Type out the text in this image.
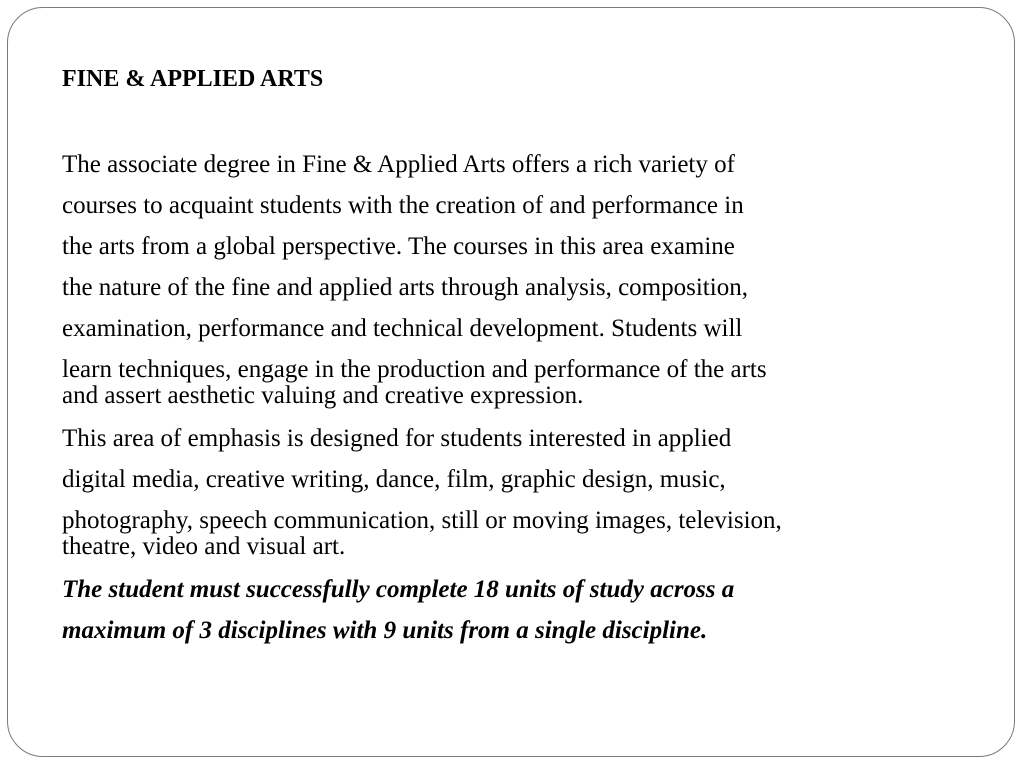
FINE & APPLIED ARTS
The associate degree in Fine & Applied Arts offers a rich variety of
courses to acquaint students with the creation of and performance in
the arts from a global perspective. The courses in this area examine
the nature of the fine and applied arts through analysis, composition,
examination, performance and technical development. Students will
learn techniques, engage in the production and performance of the arts
and assert aesthetic valuing and creative expression.
This area of emphasis is designed for students interested in applied
digital media, creative writing, dance, film, graphic design, music,
photography, speech communication, still or moving images, television,
theatre, video and visual art.
The student must successfully complete 18 units of study across a
maximum of 3 disciplines with 9 units from a single discipline.
